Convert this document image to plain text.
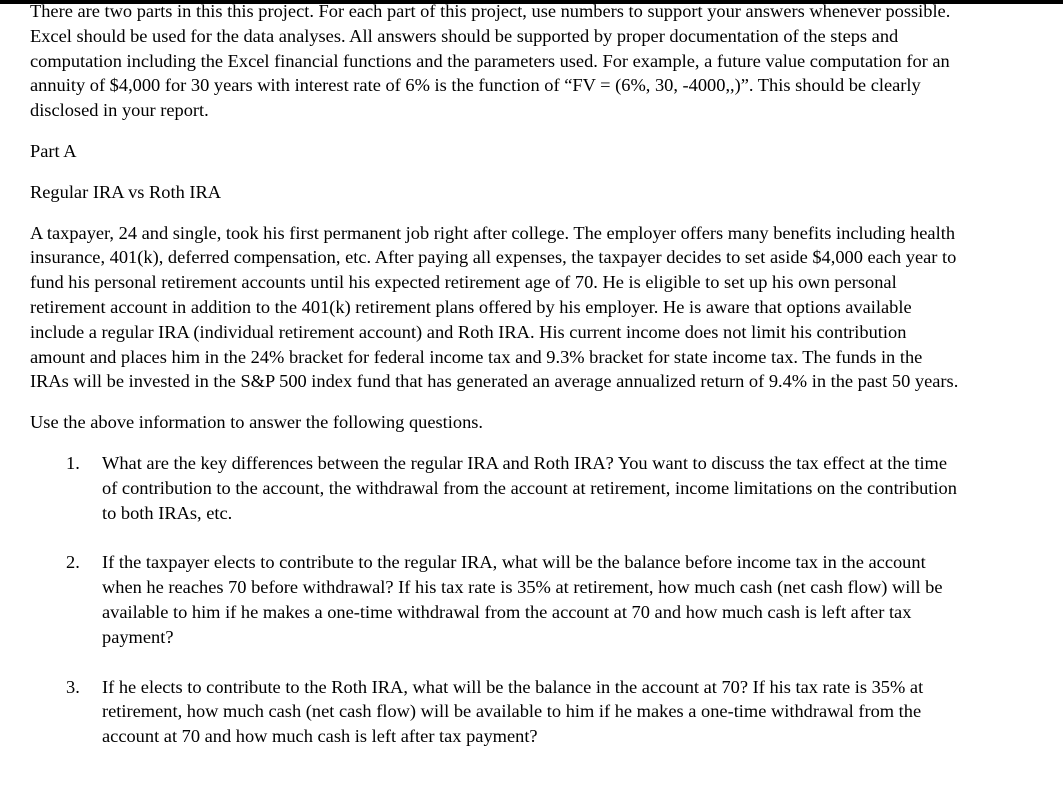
There are two parts in this this project. For each part of this project, use numbers to support your answers whenever possible. Excel should be used for the data analyses. All answers should be supported by proper documentation of the steps and computation including the Excel financial functions and the parameters used. For example, a future value computation for an annuity of $4,000 for 30 years with interest rate of 6% is the function of “FV = (6%, 30, -4000,,)”. This should be clearly disclosed in your report.

Part A

Regular IRA vs Roth IRA

A taxpayer, 24 and single, took his first permanent job right after college. The employer offers many benefits including health insurance, 401(k), deferred compensation, etc. After paying all expenses, the taxpayer decides to set aside $4,000 each year to fund his personal retirement accounts until his expected retirement age of 70. He is eligible to set up his own personal retirement account in addition to the 401(k) retirement plans offered by his employer. He is aware that options available include a regular IRA (individual retirement account) and Roth IRA. His current income does not limit his contribution amount and places him in the 24% bracket for federal income tax and 9.3% bracket for state income tax. The funds in the IRAs will be invested in the S&P 500 index fund that has generated an average annualized return of 9.4% in the past 50 years.

Use the above information to answer the following questions.

1. What are the key differences between the regular IRA and Roth IRA? You want to discuss the tax effect at the time of contribution to the account, the withdrawal from the account at retirement, income limitations on the contribution to both IRAs, etc.
2. If the taxpayer elects to contribute to the regular IRA, what will be the balance before income tax in the account when he reaches 70 before withdrawal? If his tax rate is 35% at retirement, how much cash (net cash flow) will be available to him if he makes a one-time withdrawal from the account at 70 and how much cash is left after tax payment?
3. If he elects to contribute to the Roth IRA, what will be the balance in the account at 70? If his tax rate is 35% at retirement, how much cash (net cash flow) will be available to him if he makes a one-time withdrawal from the account at 70 and how much cash is left after tax payment?
